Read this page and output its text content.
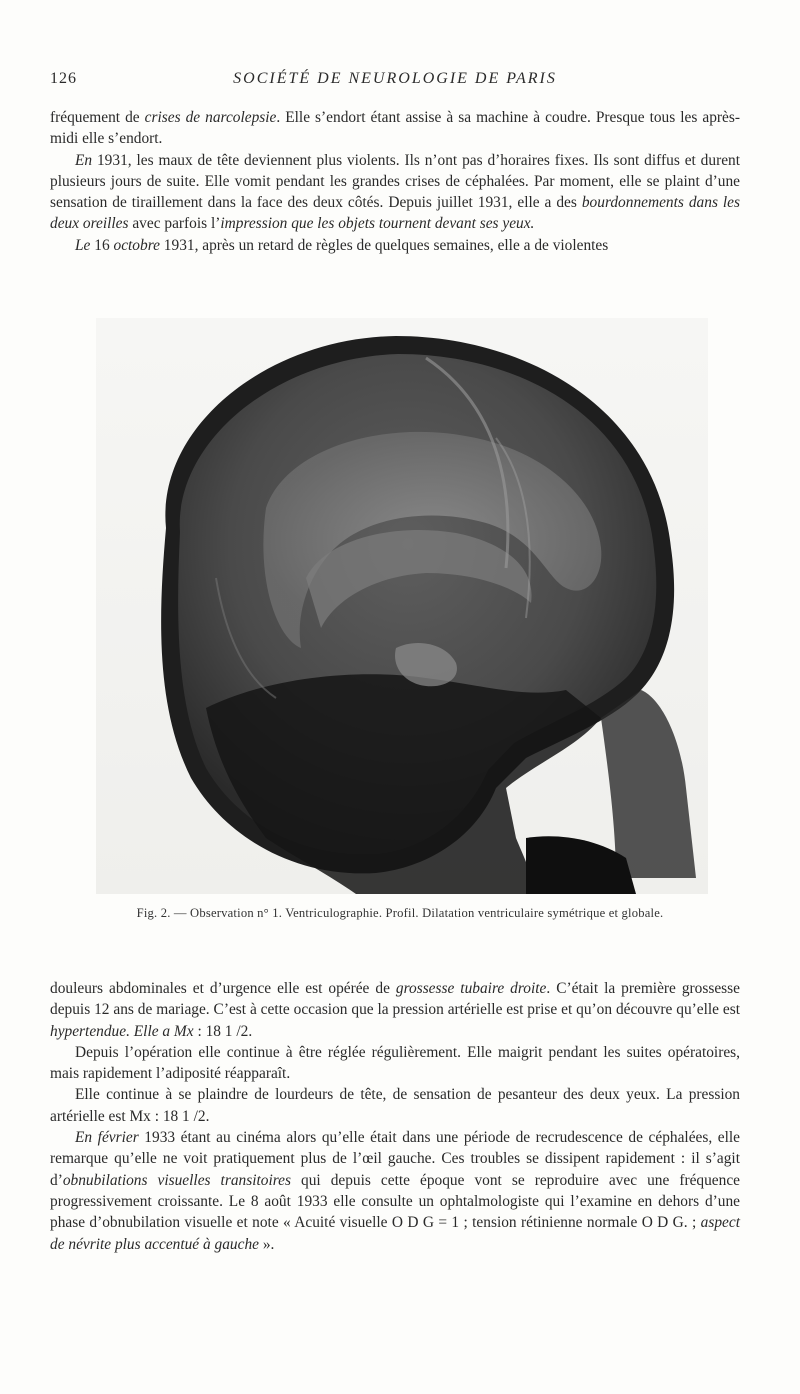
126	SOCIÉTÉ DE NEUROLOGIE DE PARIS

fréquement de crises de narcolepsie. Elle s’endort étant assise à sa machine à coudre. Presque tous les après-midi elle s’endort.

En 1931, les maux de tête deviennent plus violents. Ils n’ont pas d’horaires fixes. Ils sont diffus et durent plusieurs jours de suite. Elle vomit pendant les grandes crises de céphalées. Par moment, elle se plaint d’une sensation de tiraillement dans la face des deux côtés. Depuis juillet 1931, elle a des bourdonnements dans les deux oreilles avec parfois l’impression que les objets tournent devant ses yeux.

Le 16 octobre 1931, après un retard de règles de quelques semaines, elle a de violentes

Fig. 2. — Observation n° 1. Ventriculographie. Profil. Dilatation ventriculaire symétrique et globale.

douleurs abdominales et d’urgence elle est opérée de grossesse tubaire droite. C’était la première grossesse depuis 12 ans de mariage. C’est à cette occasion que la pression artérielle est prise et qu’on découvre qu’elle est hypertendue. Elle a Mx : 18 1 /2.

Depuis l’opération elle continue à être réglée régulièrement. Elle maigrit pendant les suites opératoires, mais rapidement l’adiposité réapparaît.

Elle continue à se plaindre de lourdeurs de tête, de sensation de pesanteur des deux yeux. La pression artérielle est Mx : 18 1 /2.

En février 1933 étant au cinéma alors qu’elle était dans une période de recrudescence de céphalées, elle remarque qu’elle ne voit pratiquement plus de l’œil gauche. Ces troubles se dissipent rapidement : il s’agit d’obnubilations visuelles transitoires qui depuis cette époque vont se reproduire avec une fréquence progressivement croissante. Le 8 août 1933 elle consulte un ophtalmologiste qui l’examine en dehors d’une phase d’obnubilation visuelle et note « Acuité visuelle O D G = 1 ; tension rétinienne normale O D G. ; aspect de névrite plus accentué à gauche ».
